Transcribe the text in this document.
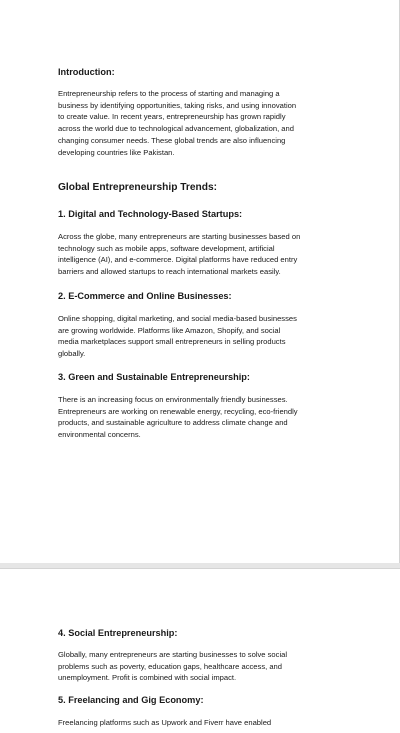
Introduction:

Entrepreneurship refers to the process of starting and managing a
business by identifying opportunities, taking risks, and using innovation
to create value. In recent years, entrepreneurship has grown rapidly
across the world due to technological advancement, globalization, and
changing consumer needs. These global trends are also influencing
developing countries like Pakistan.

Global Entrepreneurship Trends:
1. Digital and Technology-Based Startups:

Across the globe, many entrepreneurs are starting businesses based on
technology such as mobile apps, software development, artificial
intelligence (AI), and e-commerce. Digital platforms have reduced entry
barriers and allowed startups to reach international markets easily.

2. E-Commerce and Online Businesses:

Online shopping, digital marketing, and social media-based businesses
are growing worldwide. Platforms like Amazon, Shopify, and social
media marketplaces support small entrepreneurs in selling products
globally.

3. Green and Sustainable Entrepreneurship:

There is an increasing focus on environmentally friendly businesses.
Entrepreneurs are working on renewable energy, recycling, eco-friendly
products, and sustainable agriculture to address climate change and
environmental concerns.

4. Social Entrepreneurship:

Globally, many entrepreneurs are starting businesses to solve social
problems such as poverty, education gaps, healthcare access, and
unemployment. Profit is combined with social impact.

5. Freelancing and Gig Economy:

Freelancing platforms such as Upwork and Fiverr have enabled
